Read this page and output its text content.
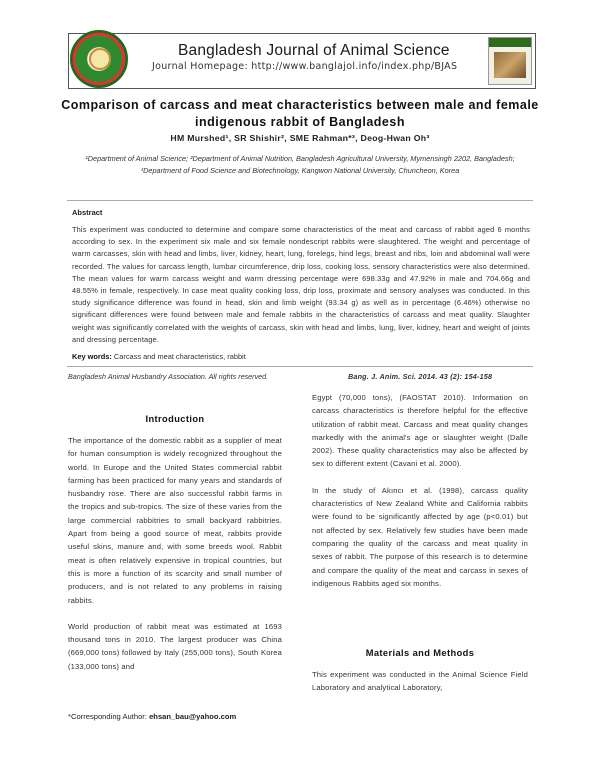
Bangladesh Journal of Animal Science
Journal Homepage: http://www.banglajol.info/index.php/BJAS
Comparison of carcass and meat characteristics between male and female indigenous rabbit of Bangladesh
HM Murshed¹, SR Shishir², SME Rahman*³, Deog-Hwan Oh³
¹Department of Animal Science; ²Department of Animal Nutrition, Bangladesh Agricultural University, Mymensingh 2202, Bangladesh; ³Department of Food Science and Biotechnology, Kangwon National University, Chuncheon, Korea
Abstract
This experiment was conducted to determine and compare some characteristics of the meat and carcass of rabbit aged 6 months according to sex. In the experiment six male and six female nondescript rabbits were slaughtered. The weight and percentage of warm carcasses, skin with head and limbs, liver, kidney, heart, lung, forelegs, hind legs, breast and ribs, loin and abdominal wall were recorded. The values for carcass length, lumbar circumference, drip loss, cooking loss, sensory characteristics were also determined. The mean values for warm carcass weight and warm dressing percentage were 698.33g and 47.92% in male and 704.66g and 48.55% in female, respectively. In case meat quality cooking loss, drip loss, proximate and sensory analyses was conducted. In this study significance difference was found in head, skin and limb weight (93.34 g) as well as in percentage (6.46%) otherwise no significant differences were found between male and female rabbits in the characteristics of carcass and meat quality. Slaughter weight was significantly correlated with the weights of carcass, skin with head and limbs, lung, liver, kidney, heart and weight of joints and dressing percentage.
Key words: Carcass and meat characteristics, rabbit
Bangladesh Animal Husbandry Association. All rights reserved.	Bang. J. Anim. Sci. 2014. 43 (2): 154-158
Introduction

The importance of the domestic rabbit as a supplier of meat for human consumption is widely recognized throughout the world. In Europe and the United States commercial rabbit farming has been practiced for many years and standards of husbandry rose. There are also successful rabbit farms in the tropics and sub-tropics. The size of these varies from the large commercial rabbitries to small backyard rabbitries. Apart from being a good source of meat, rabbits provide useful skins, manure and, with some breeds wool. Rabbit meat is often relatively expensive in tropical countries, but this is more a function of its scarcity and small number of producers, and is not related to any problems in raising rabbits.

World production of rabbit meat was estimated at 1693 thousand tons in 2010. The largest producer was China (669,000 tons) followed by Italy (255,000 tons), South Korea (133,000 tons) and

Egypt (70,000 tons), (FAOSTAT 2010). Information on carcass characteristics is therefore helpful for the effective utilization of rabbit meat. Carcass and meat quality changes markedly with the animal's age or slaughter weight (Dalle 2002). These quality characteristics may also be affected by sex to different extent (Cavani et al. 2000).

In the study of Akıncı et al. (1998), carcass quality characteristics of New Zealand White and California rabbits were found to be significantly affected by age (p<0.01) but not affected by sex. Relatively few studies have been made comparing the quality of the carcass and meat quality in sexes of rabbit. The purpose of this research is to determine and compare the quality of the meat and carcass in sexes of indigenous Rabbits aged six months.

Materials and Methods
This experiment was conducted in the Animal Science Field Laboratory and analytical Laboratory,
*Corresponding Author: ehsan_bau@yahoo.com
